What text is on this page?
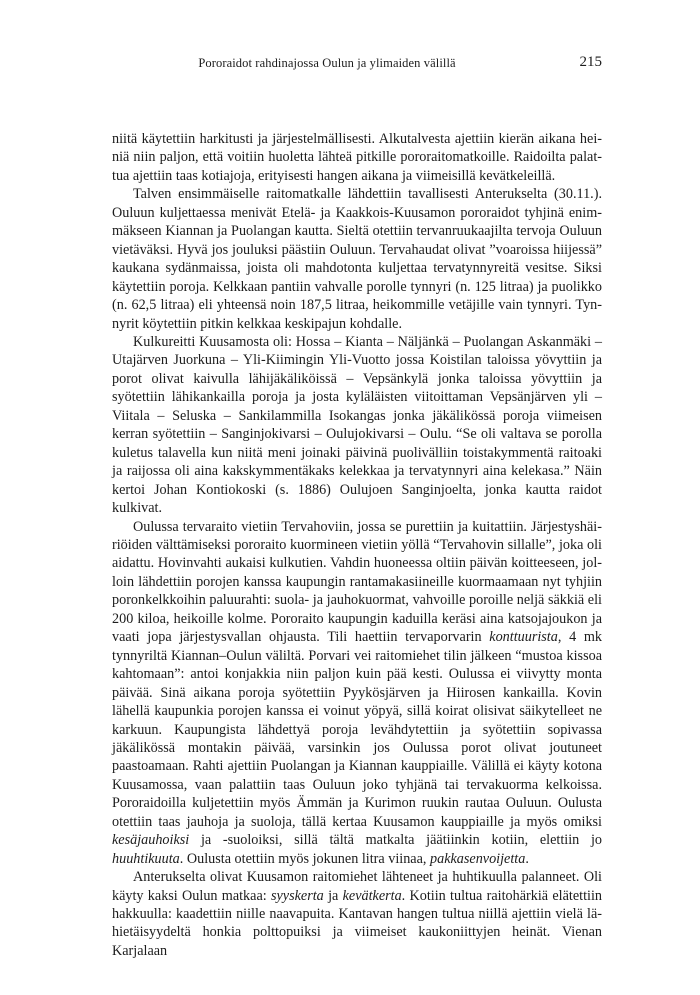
Pororaidot rahdinajossa Oulun ja ylimaiden välillä	215

niitä käytettiin harkitusti ja järjestelmällisesti. Alkutalvesta ajettiin kierän aikana heiniä niin paljon, että voitiin huoletta lähteä pitkille pororaitomatkoille. Raidoilta palattua ajettiin taas kotiajoja, erityisesti hangen aikana ja viimeisillä kevätkeleillä.

Talven ensimmäiselle raitomatkalle lähdettiin tavallisesti Anterukselta (30.11.). Ouluun kuljettaessa menivät Etelä- ja Kaakkois-Kuusamon pororaidot tyhjinä enimmäkseen Kiannan ja Puolangan kautta. Sieltä otettiin tervanruukaajilta tervoja Ouluun vietäväksi. Hyvä jos jouluksi päästiin Ouluun. Tervahaudat olivat ”voaroissa hiijessä” kaukana sydänmaissa, joista oli mahdotonta kuljettaa tervatynnyreitä vesitse. Siksi käytettiin poroja. Kelkkaan pantiin vahvalle porolle tynnyri (n. 125 litraa) ja puolikko (n. 62,5 litraa) eli yhteensä noin 187,5 litraa, heikommille vetäjille vain tynnyri. Tynnyrit köytettiin pitkin kelkkaa keskipajun kohdalle.

Kulkureitti Kuusamosta oli: Hossa – Kianta – Näljänkä – Puolangan Askanmäki – Utajärven Juorkuna – Yli-Kiimingin Yli-Vuotto jossa Koistilan taloissa yövyttiin ja porot olivat kaivulla lähijäkäliköissä – Vepsänkylä jonka taloissa yövyttiin ja syötettiin lähikankailla poroja ja josta kyläläisten viitoittaman Vepsänjärven yli – Viitala – Seluska – Sankilammilla Isokangas jonka jäkälikössä poroja viimeisen kerran syötettiin – Sanginjokivarsi – Oulujokivarsi – Oulu. “Se oli valtava se porolla kuletus talavella kun niitä meni joinaki päivinä puolivälliin toistakymmentä raitoaki ja raijossa oli aina kakskymmentäkaks kelekkaa ja tervatynnyri aina kelekasa.” Näin kertoi Johan Kontiokoski (s. 1886) Oulujoen Sanginjoelta, jonka kautta raidot kulkivat.

Oulussa tervaraito vietiin Tervahoviin, jossa se purettiin ja kuitattiin. Järjestyshäiriöiden välttämiseksi pororaito kuormineen vietiin yöllä “Tervahovin sillalle”, joka oli aidattu. Hovinvahti aukaisi kulkutien. Vahdin huoneessa oltiin päivän koitteeseen, jolloin lähdettiin porojen kanssa kaupungin rantamakasiineille kuormaamaan nyt tyhjiin poronkelkkoihin paluurahti: suola- ja jauhokuormat, vahvoille poroille neljä säkkiä eli 200 kiloa, heikoille kolme. Pororaito kaupungin kaduilla keräsi aina katsojajoukon ja vaati jopa järjestysvallan ohjausta. Tili haettiin tervaporvarin konttuurista, 4 mk tynnyriltä Kiannan–Oulun väliltä. Porvari vei raitomiehet tilin jälkeen “mustoa kissoa kahtomaan”: antoi konjakkia niin paljon kuin pää kesti. Oulussa ei viivytty monta päivää. Sinä aikana poroja syötettiin Pyykösjärven ja Hiirosen kankailla. Kovin lähellä kaupunkia porojen kanssa ei voinut yöpyä, sillä koirat olisivat säikytelleet ne karkuun. Kaupungista lähdettyä poroja levähdytettiin ja syötettiin sopivassa jäkälikössä montakin päivää, varsinkin jos Oulussa porot olivat joutuneet paastoamaan. Rahti ajettiin Puolangan ja Kiannan kauppiaille. Välillä ei käyty kotona Kuusamossa, vaan palattiin taas Ouluun joko tyhjänä tai tervakuorma kelkoissa. Pororaidoilla kuljetettiin myös Ämmän ja Kurimon ruukin rautaa Ouluun. Oulusta otettiin taas jauhoja ja suoloja, tällä kertaa Kuusamon kauppiaille ja myös omiksi kesäjauhoiksi ja -suoloiksi, sillä tältä matkalta jäätiinkin kotiin, elettiin jo huuhtikuuta. Oulusta otettiin myös jokunen litra viinaa, pakkasenvoijetta.

Anterukselta olivat Kuusamon raitomiehet lähteneet ja huhtikuulla palanneet. Oli käyty kaksi Oulun matkaa: syyskerta ja kevätkerta. Kotiin tultua raitohärkiä elätettiin hakkuulla: kaadettiin niille naavapuita. Kantavan hangen tultua niillä ajettiin vielä lähietäisyydeltä honkia polttopuiksi ja viimeiset kaukoniittyjen heinät. Vienan Karjalaan
